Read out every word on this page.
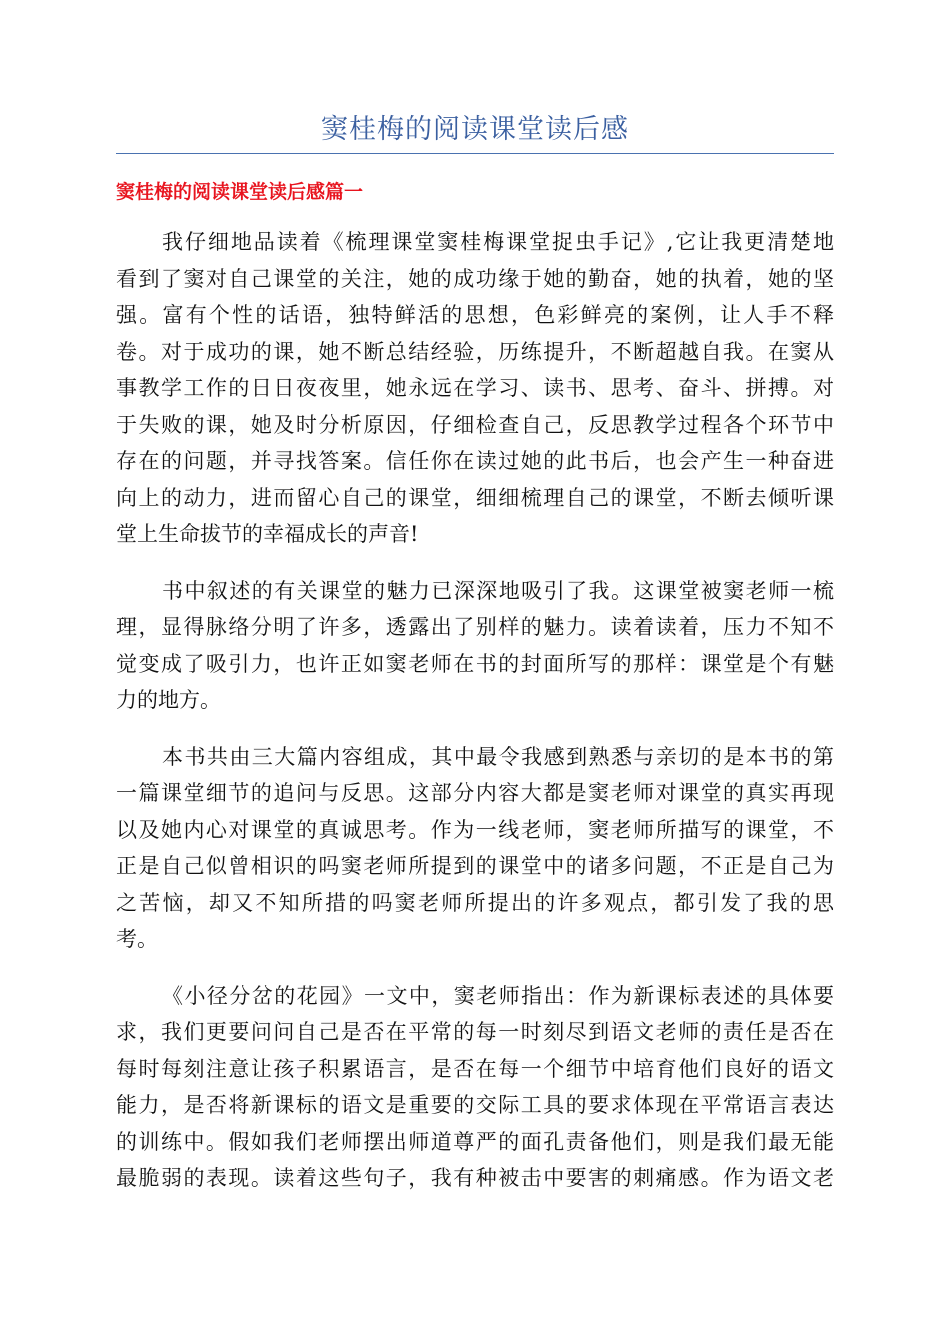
窦桂梅的阅读课堂读后感
窦桂梅的阅读课堂读后感篇一
我仔细地品读着《梳理课堂窦桂梅课堂捉虫手记》,它让我更清楚地
看到了窦对自己课堂的关注，她的成功缘于她的勤奋，她的执着，她的坚
强。富有个性的话语，独特鲜活的思想，色彩鲜亮的案例，让人手不释
卷。对于成功的课，她不断总结经验，历练提升，不断超越自我。在窦从
事教学工作的日日夜夜里，她永远在学习、读书、思考、奋斗、拼搏。对
于失败的课，她及时分析原因，仔细检查自己，反思教学过程各个环节中
存在的问题，并寻找答案。信任你在读过她的此书后，也会产生一种奋进
向上的动力，进而留心自己的课堂，细细梳理自己的课堂，不断去倾听课
堂上生命拔节的幸福成长的声音!
书中叙述的有关课堂的魅力已深深地吸引了我。这课堂被窦老师一梳
理，显得脉络分明了许多，透露出了别样的魅力。读着读着，压力不知不
觉变成了吸引力，也许正如窦老师在书的封面所写的那样：课堂是个有魅
力的地方。
本书共由三大篇内容组成，其中最令我感到熟悉与亲切的是本书的第
一篇课堂细节的追问与反思。这部分内容大都是窦老师对课堂的真实再现
以及她内心对课堂的真诚思考。作为一线老师，窦老师所描写的课堂，不
正是自己似曾相识的吗窦老师所提到的课堂中的诸多问题，不正是自己为
之苦恼，却又不知所措的吗窦老师所提出的许多观点，都引发了我的思
考。
《小径分岔的花园》一文中，窦老师指出：作为新课标表述的具体要
求，我们更要问问自己是否在平常的每一时刻尽到语文老师的责任是否在
每时每刻注意让孩子积累语言，是否在每一个细节中培育他们良好的语文
能力，是否将新课标的语文是重要的交际工具的要求体现在平常语言表达
的训练中。假如我们老师摆出师道尊严的面孔责备他们，则是我们最无能
最脆弱的表现。读着这些句子，我有种被击中要害的刺痛感。作为语文老
